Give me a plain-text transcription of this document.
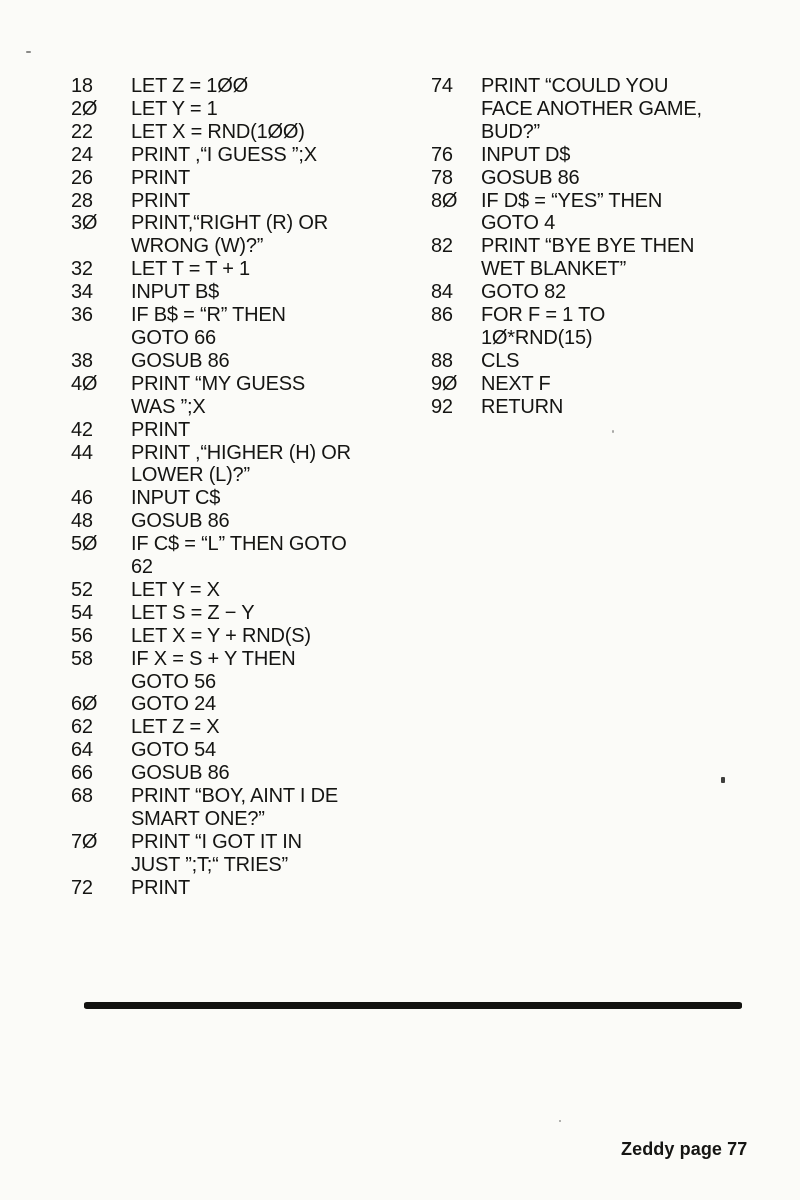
18	LET Z = 1ØØ
2Ø	LET Y = 1
22	LET X = RND(1ØØ)
24	PRINT ,“I GUESS ”;X
26	PRINT
28	PRINT
3Ø	PRINT,“RIGHT (R) OR
WRONG (W)?”
32	LET T = T + 1
34	INPUT B$
36	IF B$ = “R” THEN
GOTO 66
38	GOSUB 86
4Ø	PRINT “MY GUESS
WAS ”;X
42	PRINT
44	PRINT ,“HIGHER (H) OR
LOWER (L)?”
46	INPUT C$
48	GOSUB 86
5Ø	IF C$ = “L” THEN GOTO
62
52	LET Y = X
54	LET S = Z − Y
56	LET X = Y + RND(S)
58	IF X = S + Y THEN
GOTO 56
6Ø	GOTO 24
62	LET Z = X
64	GOTO 54
66	GOSUB 86
68	PRINT “BOY, AINT I DE
SMART ONE?”
7Ø	PRINT “I GOT IT IN
JUST ”;T;“ TRIES”
72	PRINT
74	PRINT “COULD YOU
FACE ANOTHER GAME,
BUD?”
76	INPUT D$
78	GOSUB 86
8Ø	IF D$ = “YES” THEN
GOTO 4
82	PRINT “BYE BYE THEN
WET BLANKET”
84	GOTO 82
86	FOR F = 1 TO
1Ø*RND(15)
88	CLS
9Ø	NEXT F
92	RETURN
Zeddy page 77
